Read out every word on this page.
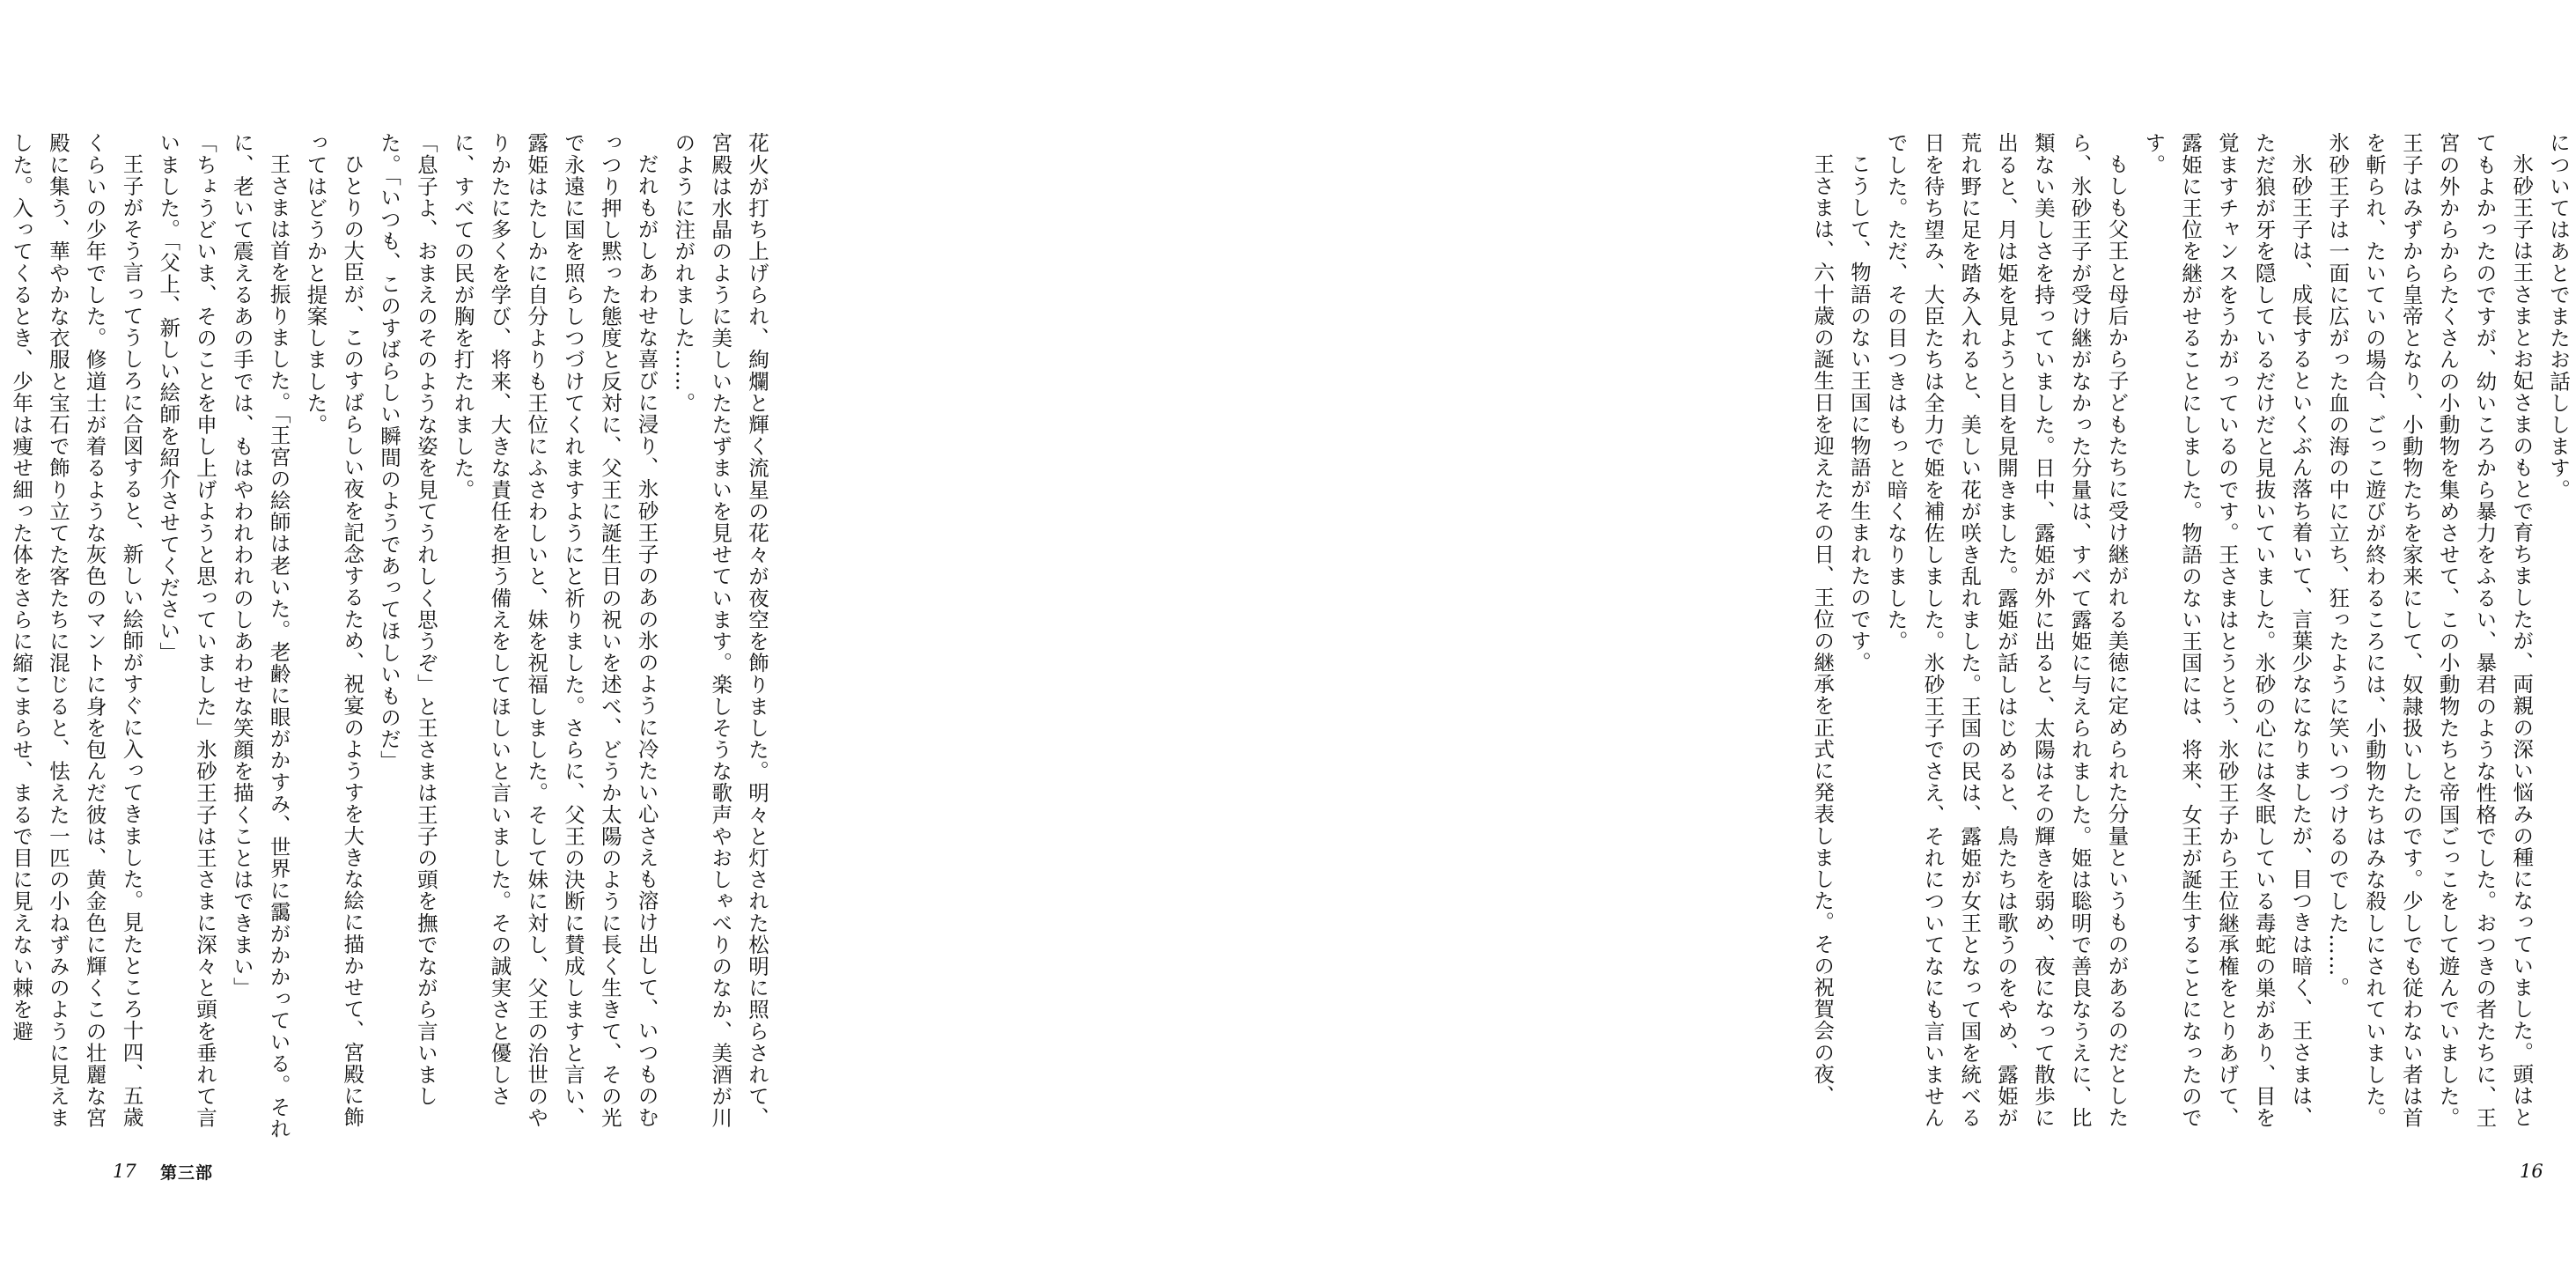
花火が打ち上げられ、絢爛と輝く流星の花々が夜空を飾りました。明々と灯された松明に照らされて、宮殿は水晶のように美しいたたずまいを見せています。楽しそうな歌声やおしゃべりのなか、美酒が川のように注がれました……。

だれもがしあわせな喜びに浸り、氷砂王子のあの氷のように冷たい心さえも溶け出して、いつものむっつり押し黙った態度と反対に、父王に誕生日の祝いを述べ、どうか太陽のように長く生きて、その光で永遠に国を照らしつづけてくれますようにと祈りました。さらに、父王の決断に賛成しますと言い、露姫はたしかに自分よりも王位にふさわしいと、妹を祝福しました。そして妹に対し、父王の治世のやりかたに多くを学び、将来、大きな責任を担う備えをしてほしいと言いました。その誠実さと優しさに、すべての民が胸を打たれました。

「息子よ、おまえのそのような姿を見てうれしく思うぞ」と王さまは王子の頭を撫でながら言いました。「いつも、このすばらしい瞬間のようであってほしいものだ」

ひとりの大臣が、このすばらしい夜を記念するため、祝宴のようすを大きな絵に描かせて、宮殿に飾ってはどうかと提案しました。

王さまは首を振りました。「王宮の絵師は老いた。老齢に眼がかすみ、世界に靄がかかっている。それに、老いて震えるあの手では、もはやわれわれのしあわせな笑顔を描くことはできまい」

「ちょうどいま、そのことを申し上げようと思っていました」氷砂王子は王さまに深々と頭を垂れて言いました。「父上、新しい絵師を紹介させてください」

王子がそう言ってうしろに合図すると、新しい絵師がすぐに入ってきました。見たところ十四、五歳くらいの少年でした。修道士が着るような灰色のマントに身を包んだ彼は、黄金色に輝くこの壮麗な宮殿に集う、華やかな衣服と宝石で飾り立てた客たちに混じると、怯えた一匹の小ねずみのように見えました。入ってくるとき、少年は痩せ細った体をさらに縮こまらせ、まるで目に見えない棘を避

17 第三部

についてはあとでまたお話しします。

氷砂王子は王さまとお妃さまのもとで育ちましたが、両親の深い悩みの種になっていました。頭はとてもよかったのですが、幼いころから暴力をふるい、暴君のような性格でした。おつきの者たちに、王宮の外からからたくさんの小動物を集めさせて、この小動物たちと帝国ごっこをして遊んでいました。王子はみずから皇帝となり、小動物たちを家来にして、奴隷扱いしたのです。少しでも従わない者は首を斬られ、たいていの場合、ごっこ遊びが終わるころには、小動物たちはみな殺しにされていました。氷砂王子は一面に広がった血の海の中に立ち、狂ったように笑いつづけるのでした……。

氷砂王子は、成長するといくぶん落ち着いて、言葉少なになりましたが、目つきは暗く、王さまは、ただ狼が牙を隠しているだけだと見抜いていました。氷砂の心には冬眠している毒蛇の巣があり、目を覚ますチャンスをうかがっているのです。王さまはとうとう、氷砂王子から王位継承権をとりあげて、露姫に王位を継がせることにしました。物語のない王国には、将来、女王が誕生することになったのです。

もしも父王と母后から子どもたちに受け継がれる美徳に定められた分量というものがあるのだとしたら、氷砂王子が受け継がなかった分量は、すべて露姫に与えられました。姫は聡明で善良なうえに、比類ない美しさを持っていました。日中、露姫が外に出ると、太陽はその輝きを弱め、夜になって散歩に出ると、月は姫を見ようと目を見開きました。露姫が話しはじめると、鳥たちは歌うのをやめ、露姫が荒れ野に足を踏み入れると、美しい花が咲き乱れました。王国の民は、露姫が女王となって国を統べる日を待ち望み、大臣たちは全力で姫を補佐しました。氷砂王子でさえ、それについてなにも言いませんでした。ただ、その目つきはもっと暗くなりました。

こうして、物語のない王国に物語が生まれたのです。

王さまは、六十歳の誕生日を迎えたその日、王位の継承を正式に発表しました。その祝賀会の夜、

16
